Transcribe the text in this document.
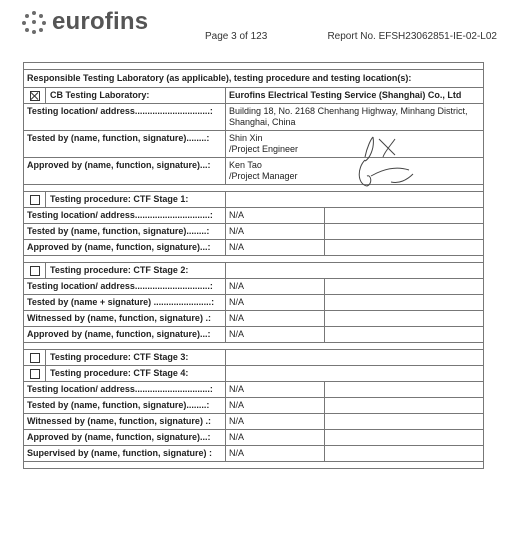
eurofins
Page 3 of 123	Report No. EFSH23062851-IE-02-L02
Responsible Testing Laboratory (as applicable), testing procedure and testing location(s):
CB Testing Laboratory:	Eurofins Electrical Testing Service (Shanghai) Co., Ltd
Testing location/ address..............................:	Building 18, No. 2168 Chenhang Highway, Minhang District, Shanghai, China
Tested by (name, function, signature)........:	Shin Xin
/Project Engineer
Approved by (name, function, signature)...:	Ken Tao
/Project Manager
Testing procedure: CTF Stage 1:
Testing location/ address..............................:	N/A
Tested by (name, function, signature)........:	N/A
Approved by (name, function, signature)...:	N/A
Testing procedure: CTF Stage 2:
Testing location/ address..............................:	N/A
Tested by (name + signature) .......................:	N/A
Witnessed by (name, function, signature) .:	N/A
Approved by (name, function, signature)...:	N/A
Testing procedure: CTF Stage 3:
Testing procedure: CTF Stage 4:
Testing location/ address..............................:	N/A
Tested by (name, function, signature)........:	N/A
Witnessed by (name, function, signature) .:	N/A
Approved by (name, function, signature)...:	N/A
Supervised by (name, function, signature) :	N/A
